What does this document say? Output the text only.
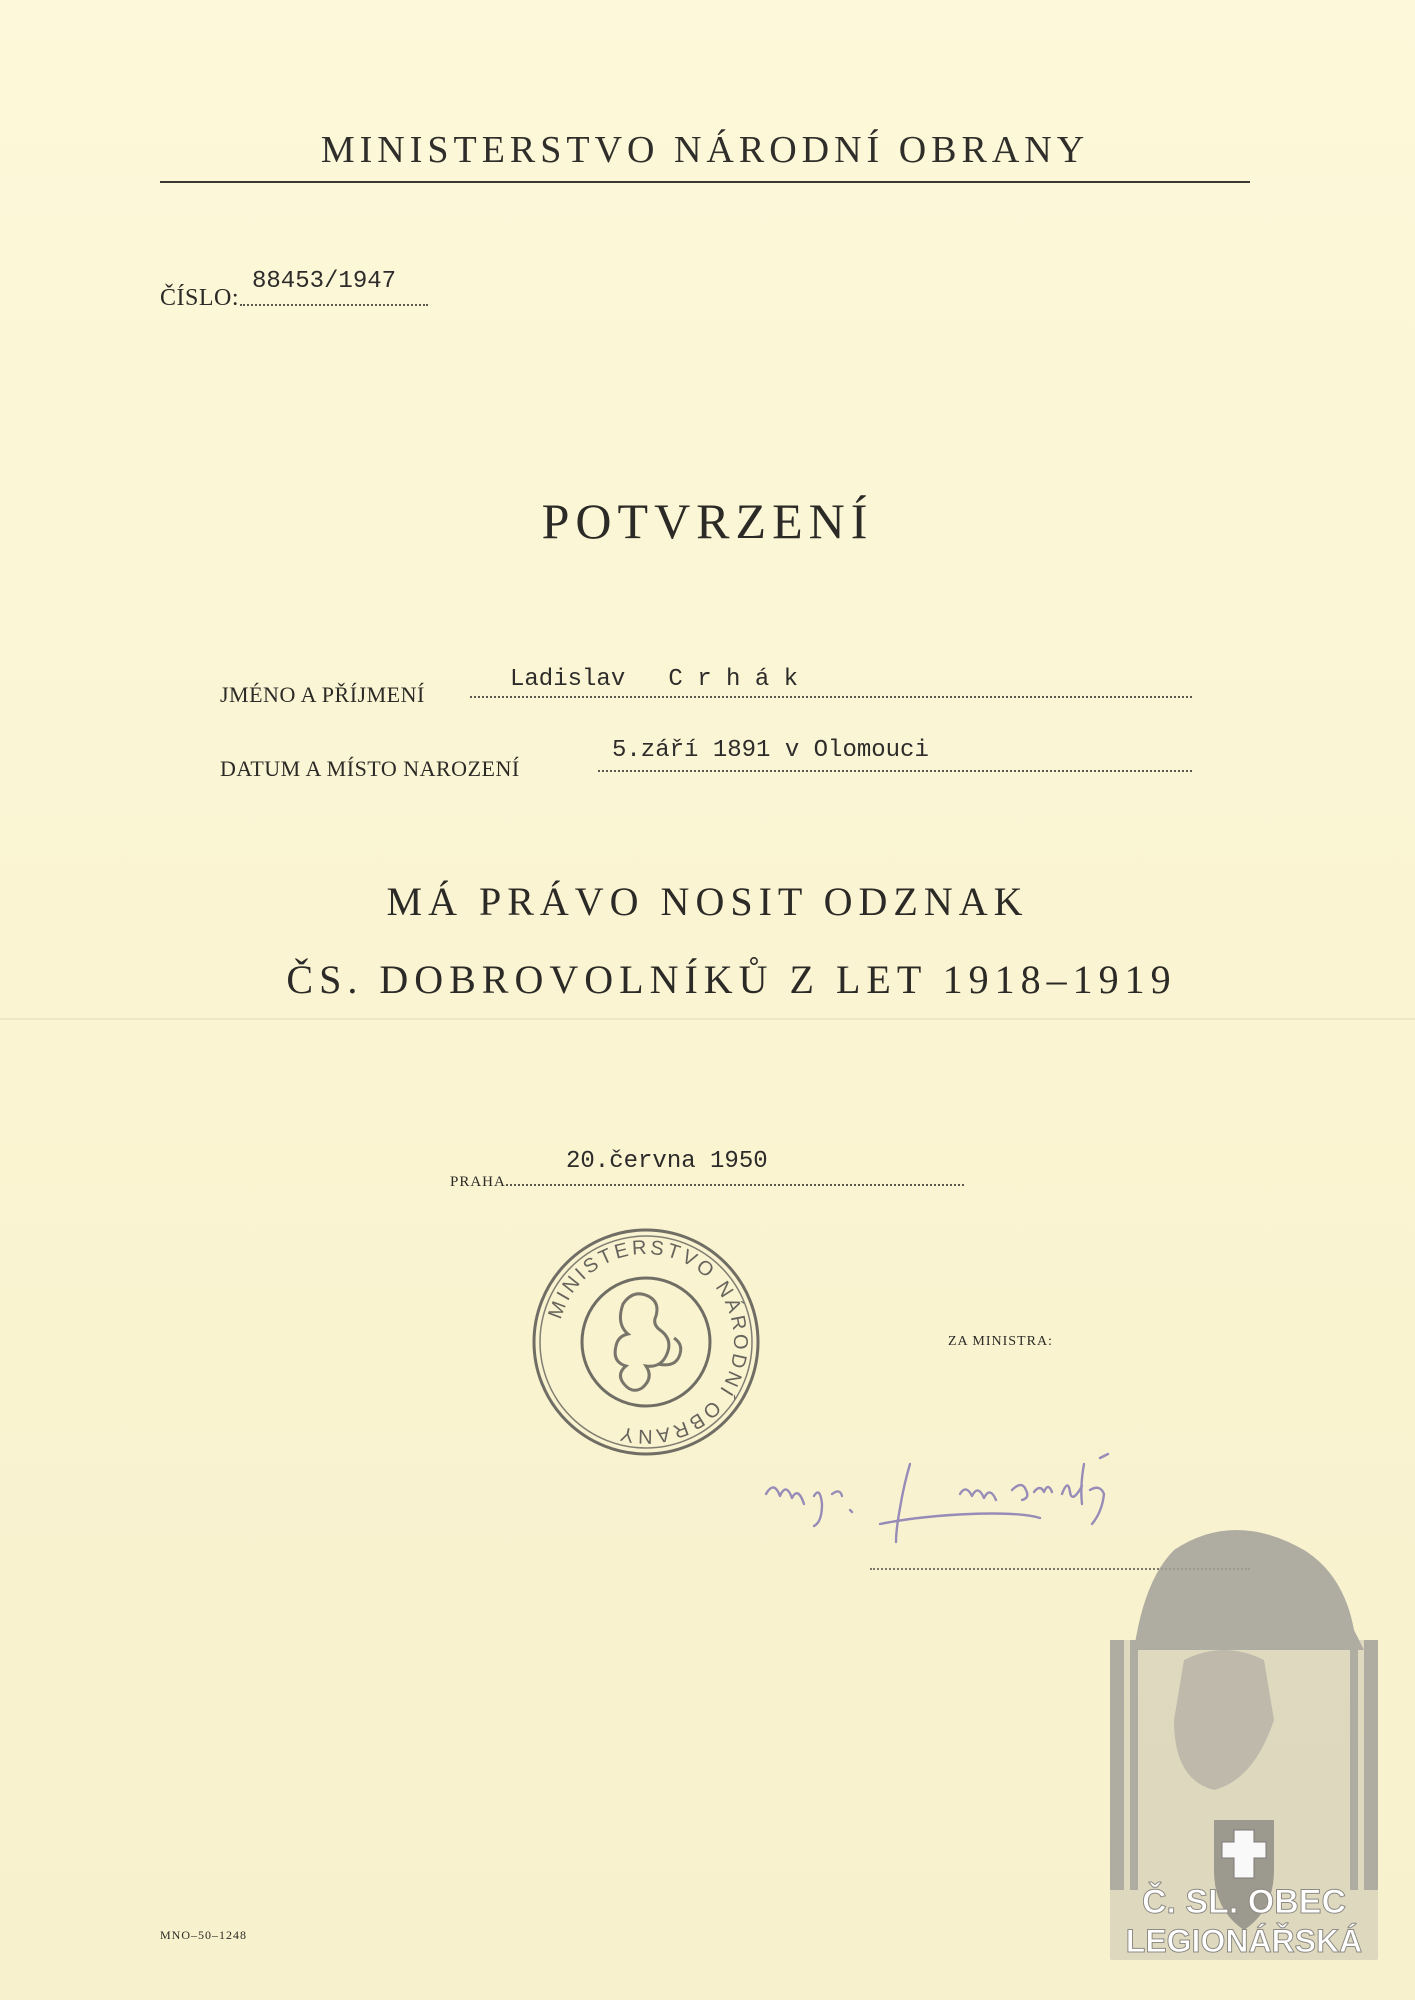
MINISTERSTVO NÁRODNÍ OBRANY
ČÍSLO:
88453/1947
POTVRZENÍ
JMÉNO A PŘÍJMENÍ
Ladislav   C r h á k
DATUM A MÍSTO NAROZENÍ
5.září 1891 v Olomouci
MÁ PRÁVO NOSIT ODZNAK
ČS. DOBROVOLNÍKŮ Z LET 1918–1919
PRAHA
20.června 1950
MINISTERSTVO NÁRODNÍ OBRANY
ZA MINISTRA:
MNO–50–1248
Č. SL. OBEC
LEGIONÁŘSKÁ
